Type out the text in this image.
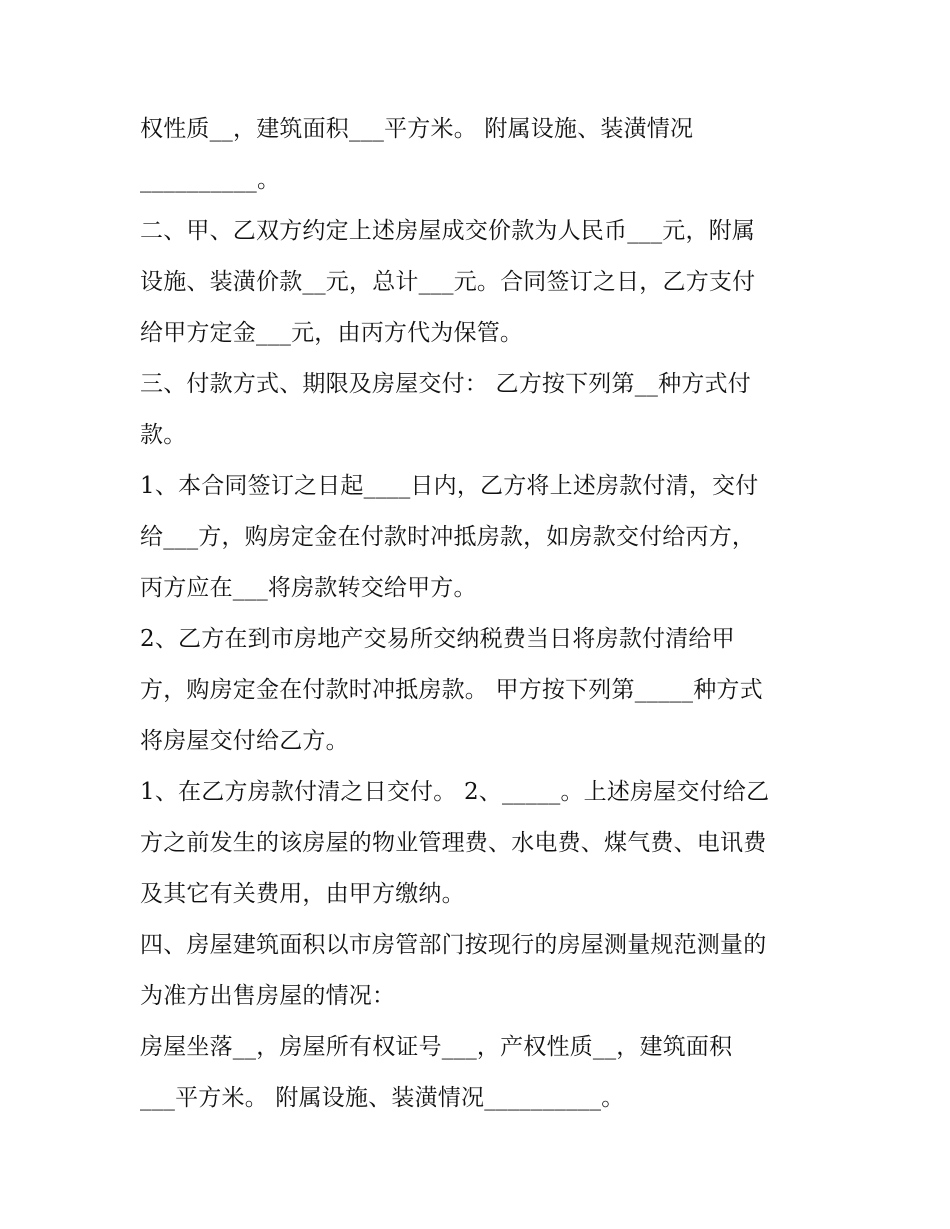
权性质__，建筑面积___平方米。 附属设施、装潢情况
__________。
二、甲、乙双方约定上述房屋成交价款为人民币___元，附属
设施、装潢价款__元，总计___元。合同签订之日，乙方支付
给甲方定金___元，由丙方代为保管。
三、付款方式、期限及房屋交付： 乙方按下列第__种方式付
款。
1、本合同签订之日起____日内，乙方将上述房款付清，交付
给___方，购房定金在付款时冲抵房款，如房款交付给丙方，
丙方应在___将房款转交给甲方。
2、乙方在到市房地产交易所交纳税费当日将房款付清给甲
方，购房定金在付款时冲抵房款。 甲方按下列第_____种方式
将房屋交付给乙方。
1、在乙方房款付清之日交付。 2、_____。上述房屋交付给乙
方之前发生的该房屋的物业管理费、水电费、煤气费、电讯费
及其它有关费用，由甲方缴纳。
四、房屋建筑面积以市房管部门按现行的房屋测量规范测量的
为准方出售房屋的情况：
房屋坐落__，房屋所有权证号___，产权性质__，建筑面积
___平方米。 附属设施、装潢情况__________。
